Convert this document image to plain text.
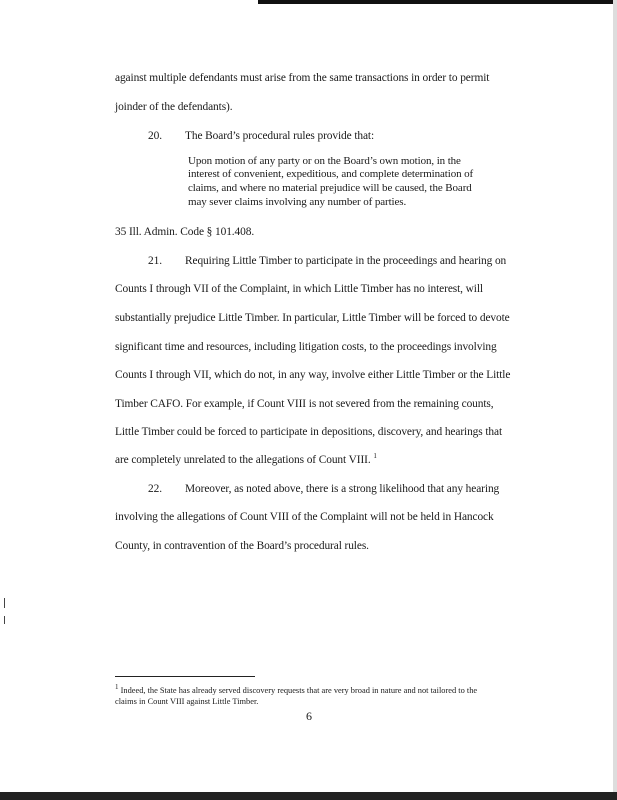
against multiple defendants must arise from the same transactions in order to permit
joinder of the defendants).
20. The Board’s procedural rules provide that:
Upon motion of any party or on the Board’s own motion, in the
interest of convenient, expeditious, and complete determination of
claims, and where no material prejudice will be caused, the Board
may sever claims involving any number of parties.
35 Ill. Admin. Code § 101.408.
21. Requiring Little Timber to participate in the proceedings and hearing on
Counts I through VII of the Complaint, in which Little Timber has no interest, will
substantially prejudice Little Timber. In particular, Little Timber will be forced to devote
significant time and resources, including litigation costs, to the proceedings involving
Counts I through VII, which do not, in any way, involve either Little Timber or the Little
Timber CAFO. For example, if Count VIII is not severed from the remaining counts,
Little Timber could be forced to participate in depositions, discovery, and hearings that
are completely unrelated to the allegations of Count VIII. $^1$
22. Moreover, as noted above, there is a strong likelihood that any hearing
involving the allegations of Count VIII of the Complaint will not be held in Hancock
County, in contravention of the Board’s procedural rules.
$^1$ Indeed, the State has already served discovery requests that are very broad in nature and not tailored to the
claims in Count VIII against Little Timber.
6
